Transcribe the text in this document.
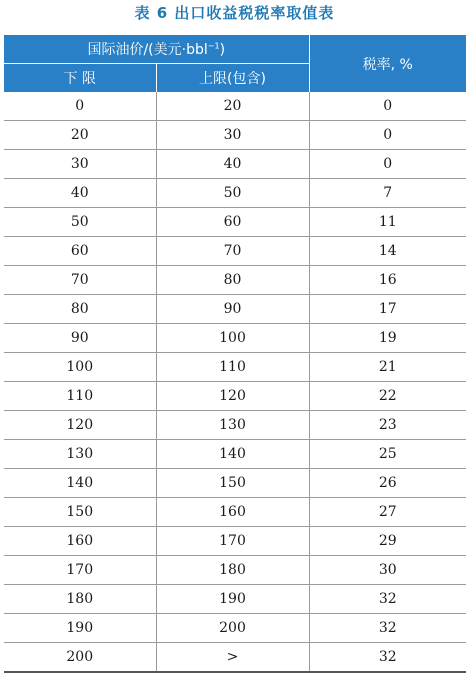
表 6 出口收益税税率取值表
国际油价/(美元·bbl$^{-1}$)		税率, %
下 限	上限(包含)	
0	20	0
20	30	0
30	40	0
40	50	7
50	60	11
60	70	14
70	80	16
80	90	17
90	100	19
100	110	21
110	120	22
120	130	23
130	140	25
140	150	26
150	160	27
160	170	29
170	180	30
180	190	32
190	200	32
200	>	32
